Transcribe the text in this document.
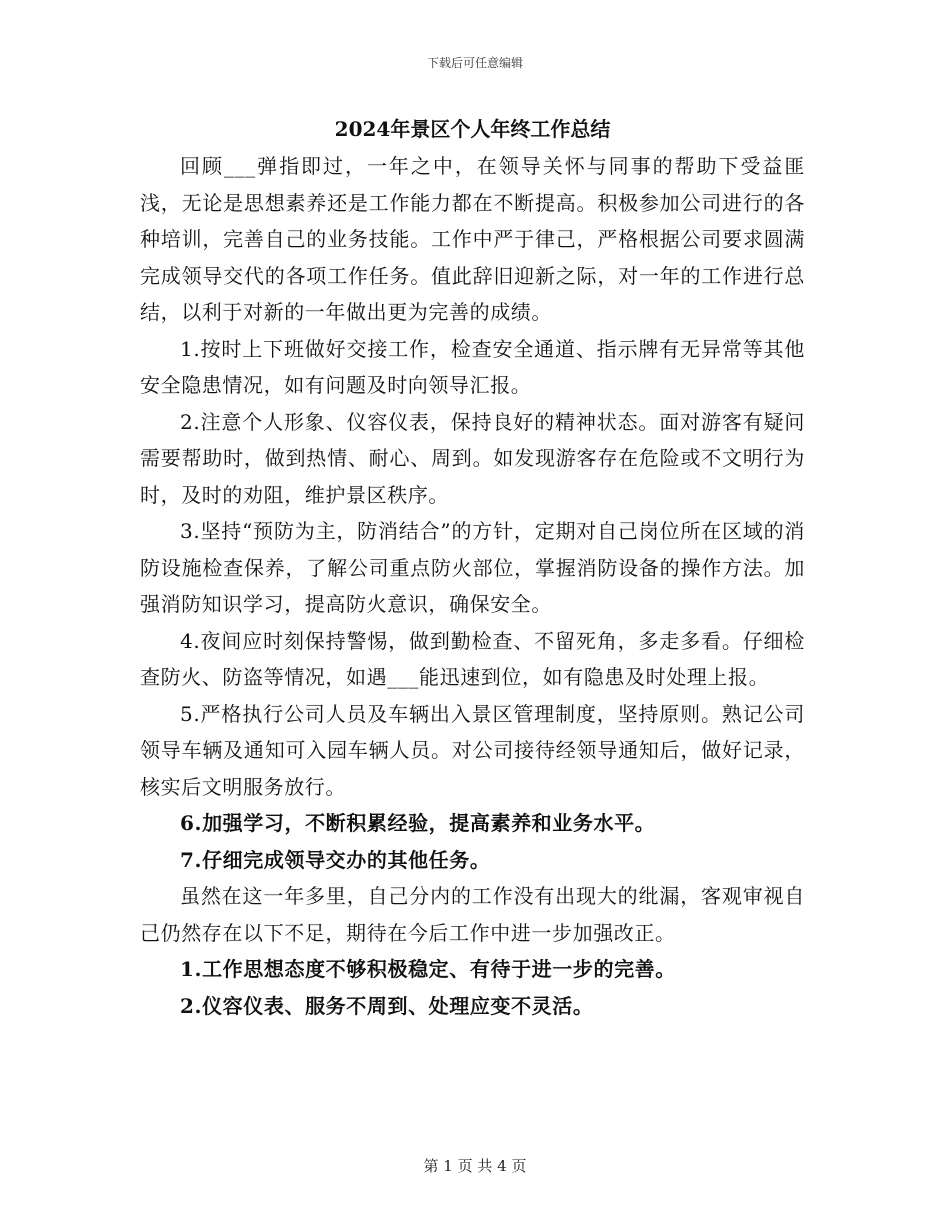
下载后可任意编辑
2024年景区个人年终工作总结

回顾___弹指即过，一年之中，在领导关怀与同事的帮助下受益匪浅，无论是思想素养还是工作能力都在不断提高。积极参加公司进行的各种培训，完善自己的业务技能。工作中严于律己，严格根据公司要求圆满完成领导交代的各项工作任务。值此辞旧迎新之际，对一年的工作进行总结，以利于对新的一年做出更为完善的成绩。

1.按时上下班做好交接工作，检查安全通道、指示牌有无异常等其他安全隐患情况，如有问题及时向领导汇报。

2.注意个人形象、仪容仪表，保持良好的精神状态。面对游客有疑问需要帮助时，做到热情、耐心、周到。如发现游客存在危险或不文明行为时，及时的劝阻，维护景区秩序。

3.坚持“预防为主，防消结合”的方针，定期对自己岗位所在区域的消防设施检查保养，了解公司重点防火部位，掌握消防设备的操作方法。加强消防知识学习，提高防火意识，确保安全。

4.夜间应时刻保持警惕，做到勤检查、不留死角，多走多看。仔细检查防火、防盗等情况，如遇___能迅速到位，如有隐患及时处理上报。

5.严格执行公司人员及车辆出入景区管理制度，坚持原则。熟记公司领导车辆及通知可入园车辆人员。对公司接待经领导通知后，做好记录，核实后文明服务放行。

6.加强学习，不断积累经验，提高素养和业务水平。

7.仔细完成领导交办的其他任务。

虽然在这一年多里，自己分内的工作没有出现大的纰漏，客观审视自己仍然存在以下不足，期待在今后工作中进一步加强改正。

1.工作思想态度不够积极稳定、有待于进一步的完善。

2.仪容仪表、服务不周到、处理应变不灵活。

第 1 页 共 4 页
